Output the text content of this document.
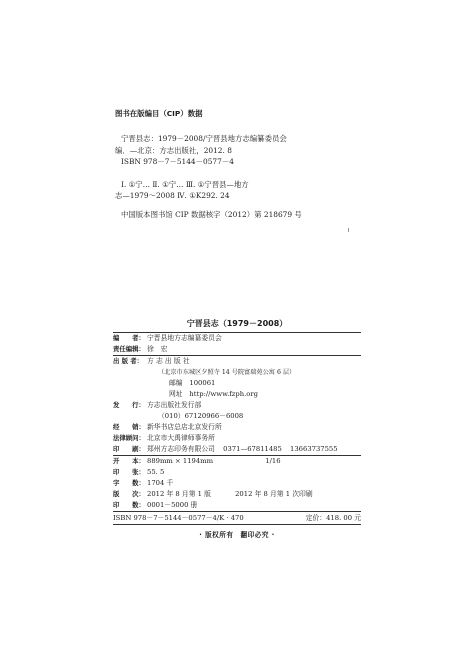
图书在版编目（CIP）数据
宁晋县志：1979－2008/宁晋县地方志编纂委员会
编．—北京：方志出版社，2012. 8
ISBN 978－7－5144－0577－4
Ⅰ. ①宁… Ⅱ. ①宁… Ⅲ. ①宁晋县—地方
志—1979～2008 Ⅳ. ①K292. 24
中国版本图书馆 CIP 数据核字（2012）第 218679 号
宁晋县志（1979－2008）
编　　者： 宁晋县地方志编纂委员会
责任编辑： 徐　宏
出 版 者： 方 志 出 版 社
（北京市东城区夕照寺 14 号院富瑞苑公寓 6 层）
邮编　100061
网址　http://www.fzph.org
发　　行： 方志出版社发行部
（010）67120966－6008
经　　销： 新华书店总店北京发行所
法律顾问： 北京市大禹律师事务所
印　　刷： 郑州方志印务有限公司 0371—67811485 13663737555
开　　本： 889mm × 1194mm	1/16
印　　张： 55. 5
字　　数： 1704 千
版　　次： 2012 年 8 月第 1 版	2012 年 8 月第 1 次印刷
印　　数： 0001－5000 册
ISBN 978－7－5144－0577－4/K · 470	定价：418. 00 元
· 版权所有　翻印必究 ·
